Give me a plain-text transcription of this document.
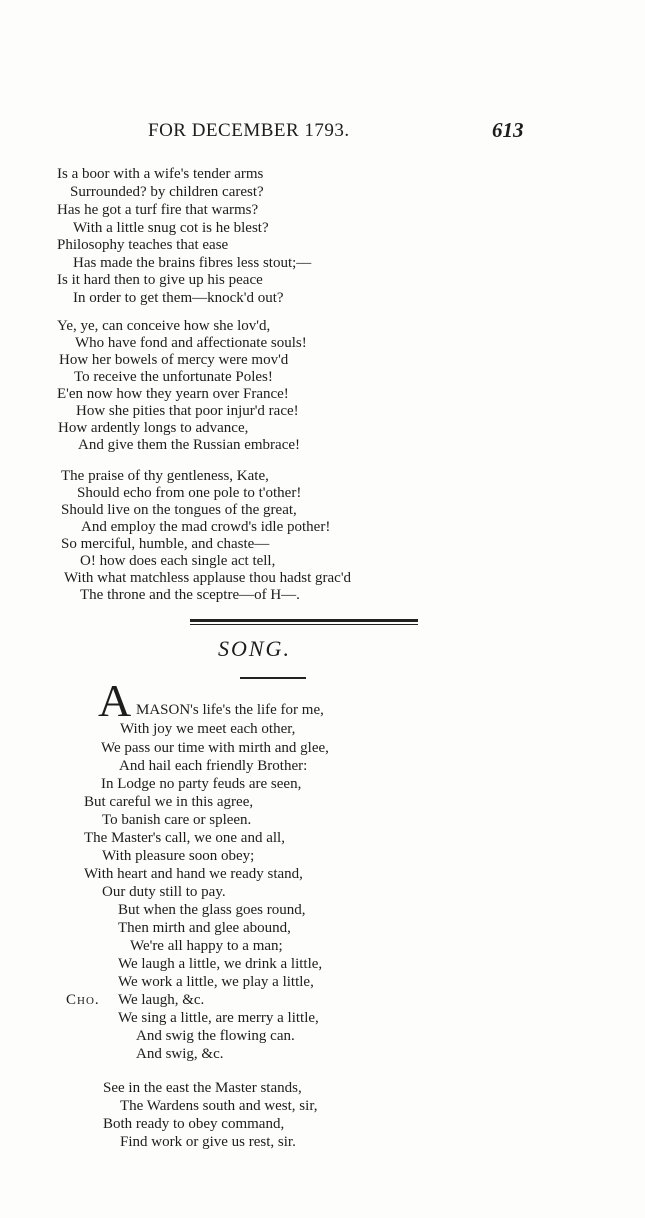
FOR DECEMBER 1793.	613
Is a boor with a wife's tender arms
Surrounded? by children carest?
Has he got a turf fire that warms?
With a little snug cot is he blest?
Philosophy teaches that ease
Has made the brains fibres less stout;—
Is it hard then to give up his peace
In order to get them—knock'd out?
Ye, ye, can conceive how she lov'd,
Who have fond and affectionate souls!
How her bowels of mercy were mov'd
To receive the unfortunate Poles!
E'en now how they yearn over France!
How she pities that poor injur'd race!
How ardently longs to advance,
And give them the Russian embrace!
The praise of thy gentleness, Kate,
Should echo from one pole to t'other!
Should live on the tongues of the great,
And employ the mad crowd's idle pother!
So merciful, humble, and chaste—
O! how does each single act tell,
With what matchless applause thou hadst grac'd
The throne and the sceptre—of H—.
SONG.
A MASON's life's the life for me,
With joy we meet each other,
We pass our time with mirth and glee,
And hail each friendly Brother:
In Lodge no party feuds are seen,
But careful we in this agree,
To banish care or spleen.
The Master's call, we one and all,
With pleasure soon obey;
With heart and hand we ready stand,
Our duty still to pay.
But when the glass goes round,
Then mirth and glee abound,
We're all happy to a man;
We laugh a little, we drink a little,
We work a little, we play a little,
Cho. We laugh, &c.
We sing a little, are merry a little,
And swig the flowing can.
And swig, &c.
See in the east the Master stands,
The Wardens south and west, sir,
Both ready to obey command,
Find work or give us rest, sir.
